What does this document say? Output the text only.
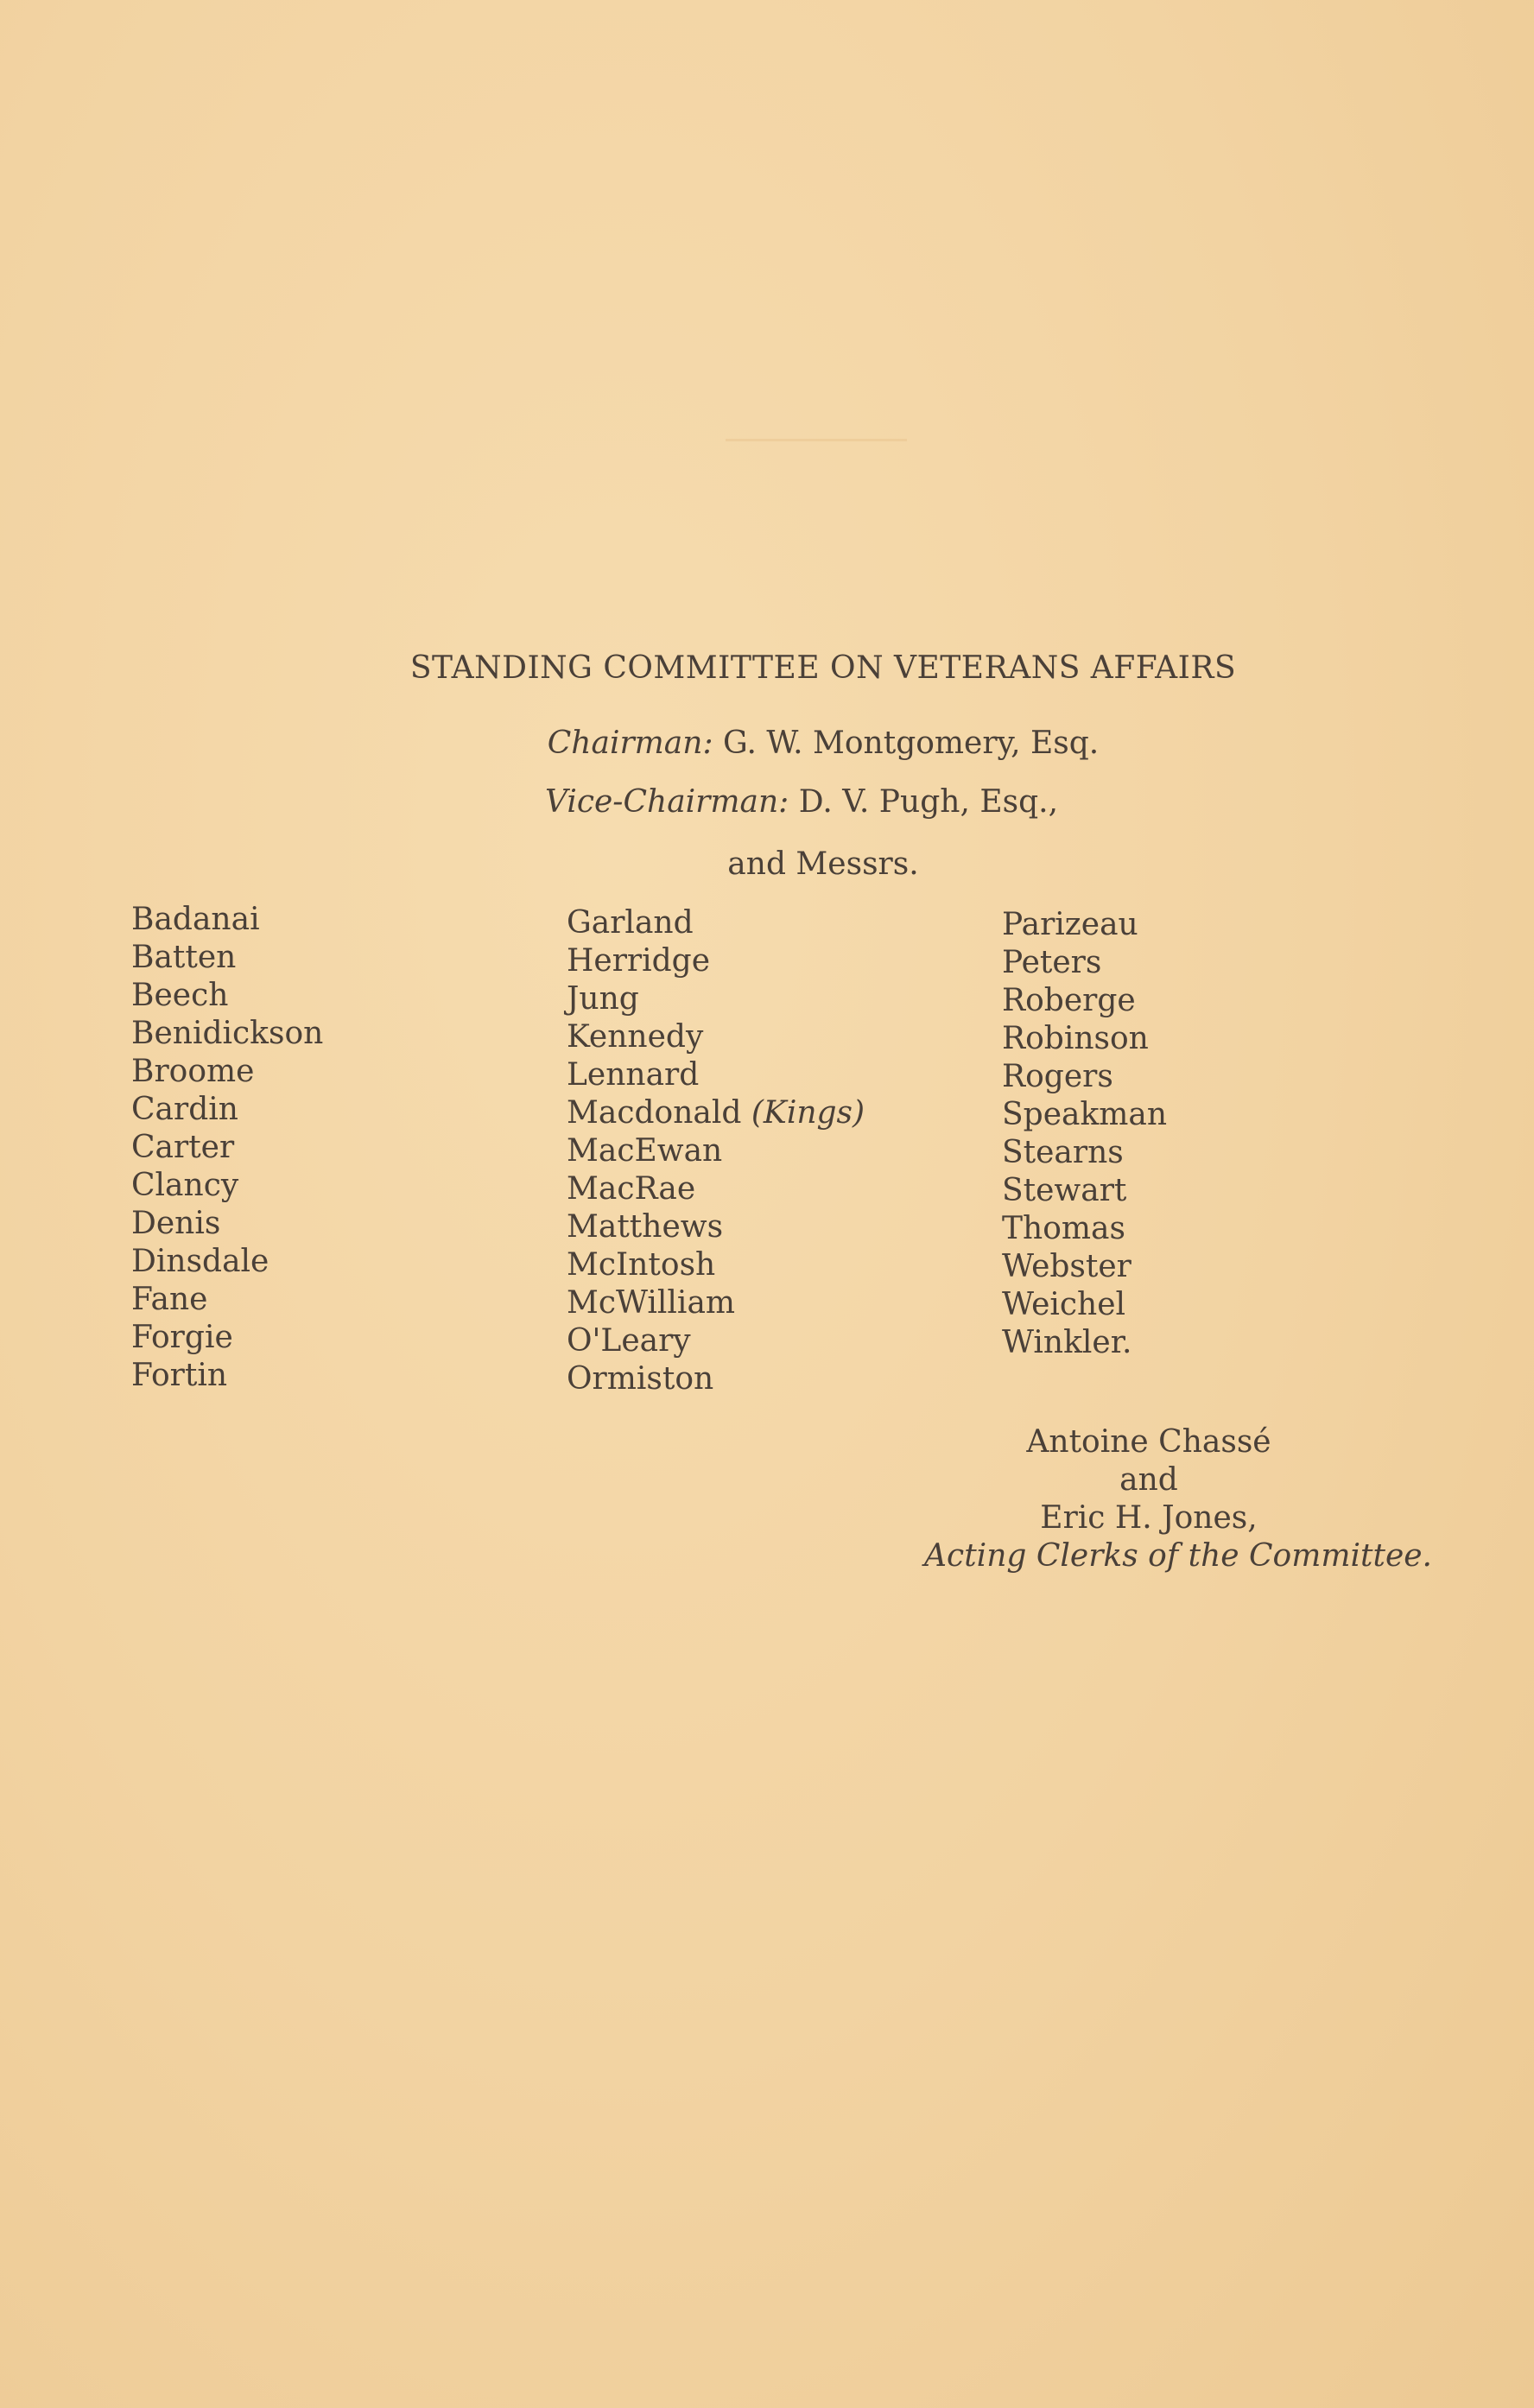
STANDING COMMITTEE ON VETERANS AFFAIRS
Chairman: G. W. Montgomery, Esq.
Vice-Chairman: D. V. Pugh, Esq.,
and Messrs.
Badanai
Batten
Beech
Benidickson
Broome
Cardin
Carter
Clancy
Denis
Dinsdale
Fane
Forgie
Fortin
Garland
Herridge
Jung
Kennedy
Lennard
Macdonald (Kings)
MacEwan
MacRae
Matthews
McIntosh
McWilliam
O'Leary
Ormiston
Parizeau
Peters
Roberge
Robinson
Rogers
Speakman
Stearns
Stewart
Thomas
Webster
Weichel
Winkler.
Antoine Chassé
and
Eric H. Jones,
Acting Clerks of the Committee.
